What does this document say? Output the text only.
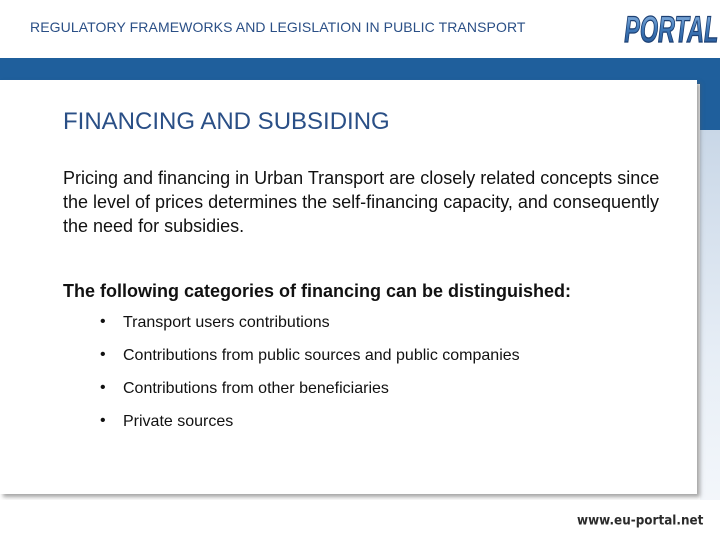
REGULATORY FRAMEWORKS AND LEGISLATION IN PUBLIC TRANSPORT	PORTAL
FINANCING AND SUBSIDING
Pricing and financing in Urban Transport are closely related concepts since the level of prices determines the self-financing capacity, and consequently the need for subsidies.
The following categories of financing can be distinguished:
• Transport users contributions
• Contributions from public sources and public companies
• Contributions from other beneficiaries
• Private sources
www.eu-portal.net
